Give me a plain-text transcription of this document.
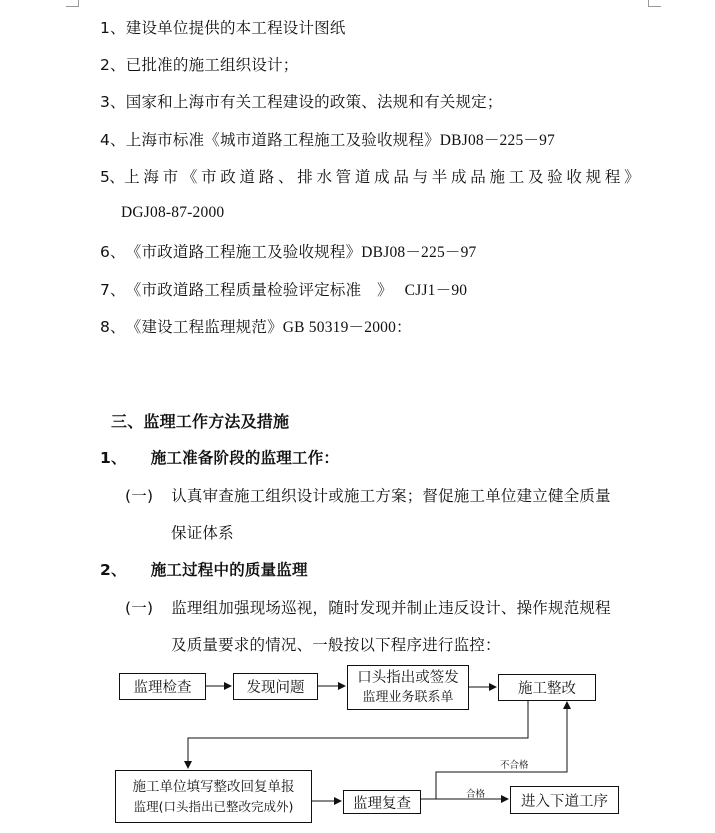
1、建设单位提供的本工程设计图纸
2、已批准的施工组织设计；
3、国家和上海市有关工程建设的政策、法规和有关规定；
4、上海市标准《城市道路工程施工及验收规程》DBJ08－225－97
5、上 海 市 《 市 政 道 路 、 排 水 管 道 成 品 与 半 成 品 施 工 及 验 收 规 程 》
DGJ08-87-2000
6、《市政道路工程施工及验收规程》DBJ08－225－97
7、《市政道路工程质量检验评定标准　》 CJJ1－90
8、《建设工程监理规范》GB 50319－2000：
三、监理工作方法及措施
1、 施工准备阶段的监理工作：
(一) 认真审查施工组织设计或施工方案；督促施工单位建立健全质量
保证体系
2、 施工过程中的质量监理
(一) 监理组加强现场巡视，随时发现并制止违反设计、操作规范规程
及质量要求的情况、一般按以下程序进行监控：
监理检查	发现问题
口头指出或签发
监理业务联系单	施工整改
施工单位填写整改回复单报
监理(口头指出已整改完成外)	监理复查	进入下道工序
不合格
合格
